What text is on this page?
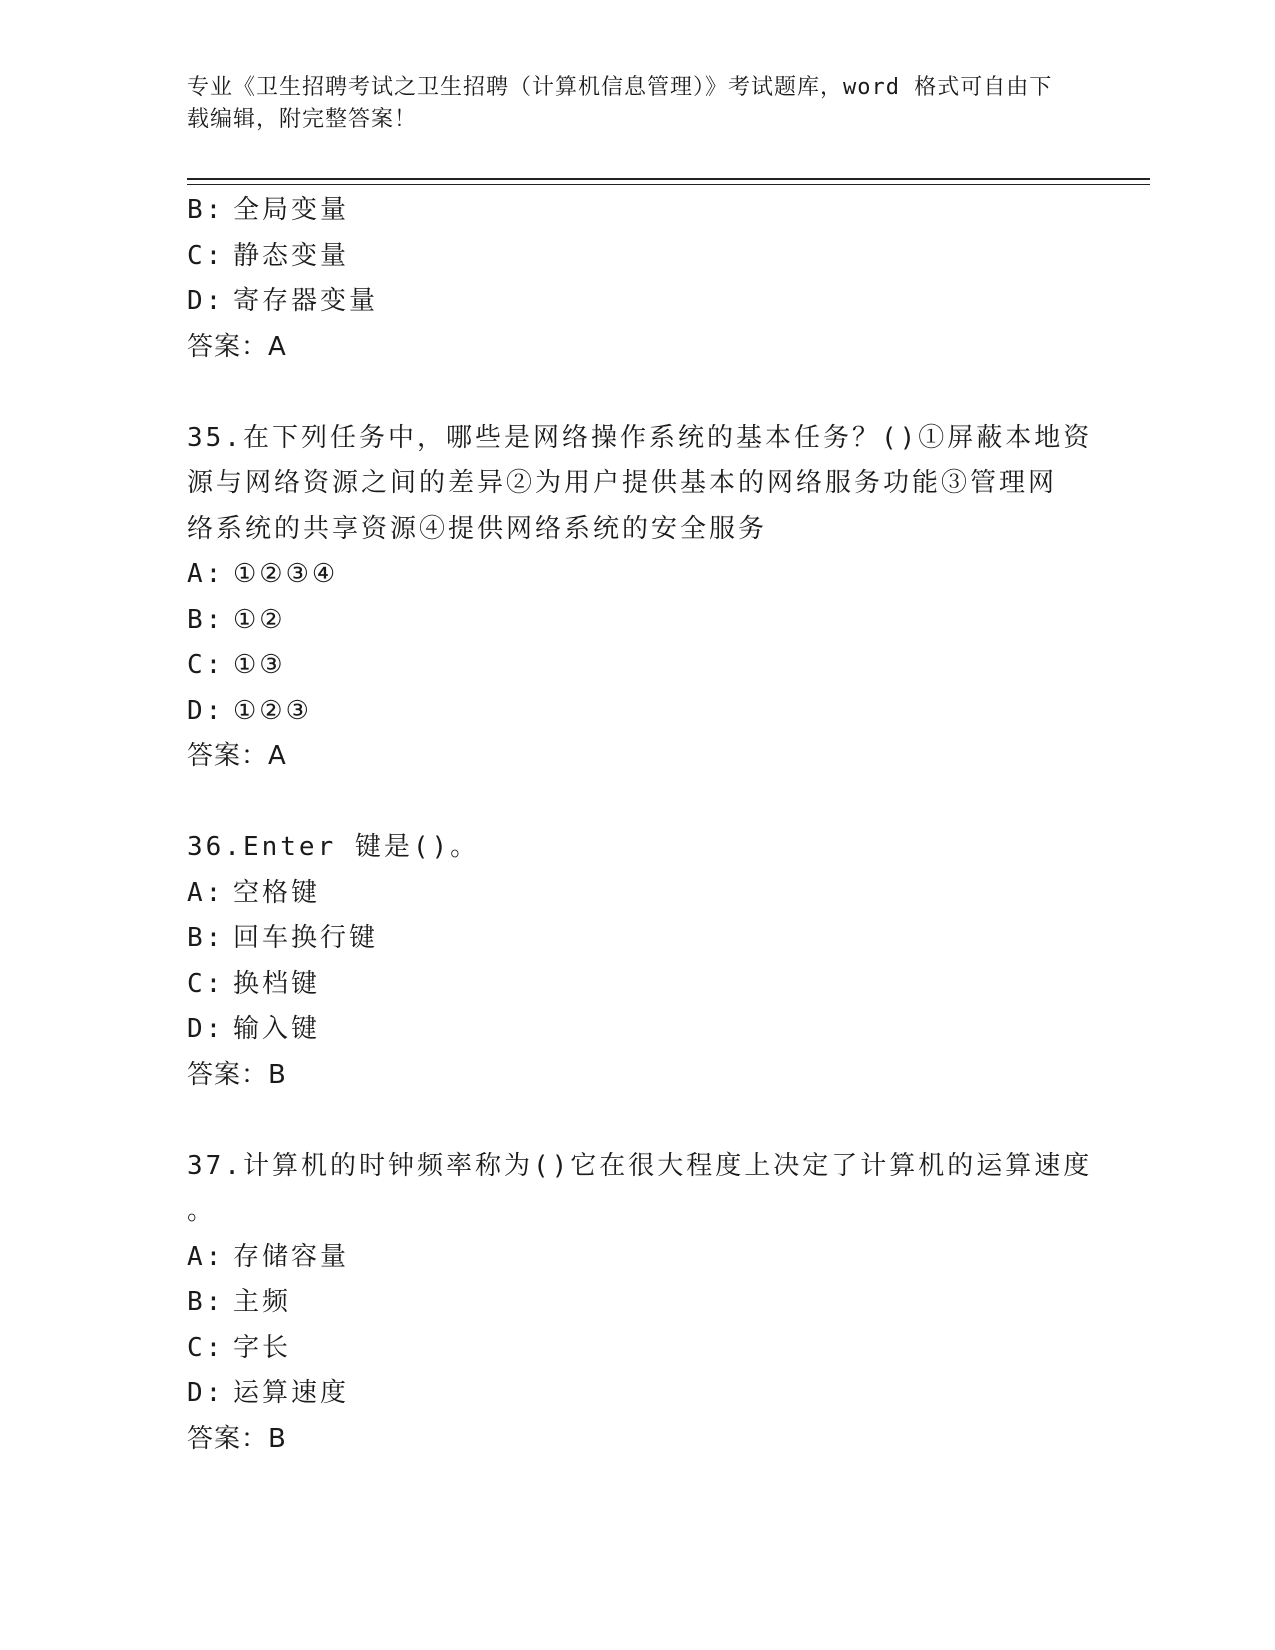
专业《卫生招聘考试之卫生招聘（计算机信息管理）》考试题库，word 格式可自由下载编辑，附完整答案！
B: 全局变量
C: 静态变量
D: 寄存器变量
答案：A
35.在下列任务中，哪些是网络操作系统的基本任务？()①屏蔽本地资
源与网络资源之间的差异②为用户提供基本的网络服务功能③管理网
络系统的共享资源④提供网络系统的安全服务
A: ①②③④
B: ①②
C: ①③
D: ①②③
答案：A
36.Enter 键是()。
A: 空格键
B: 回车换行键
C: 换档键
D: 输入键
答案：B
37.计算机的时钟频率称为()它在很大程度上决定了计算机的运算速度
。
A: 存储容量
B: 主频
C: 字长
D: 运算速度
答案：B
